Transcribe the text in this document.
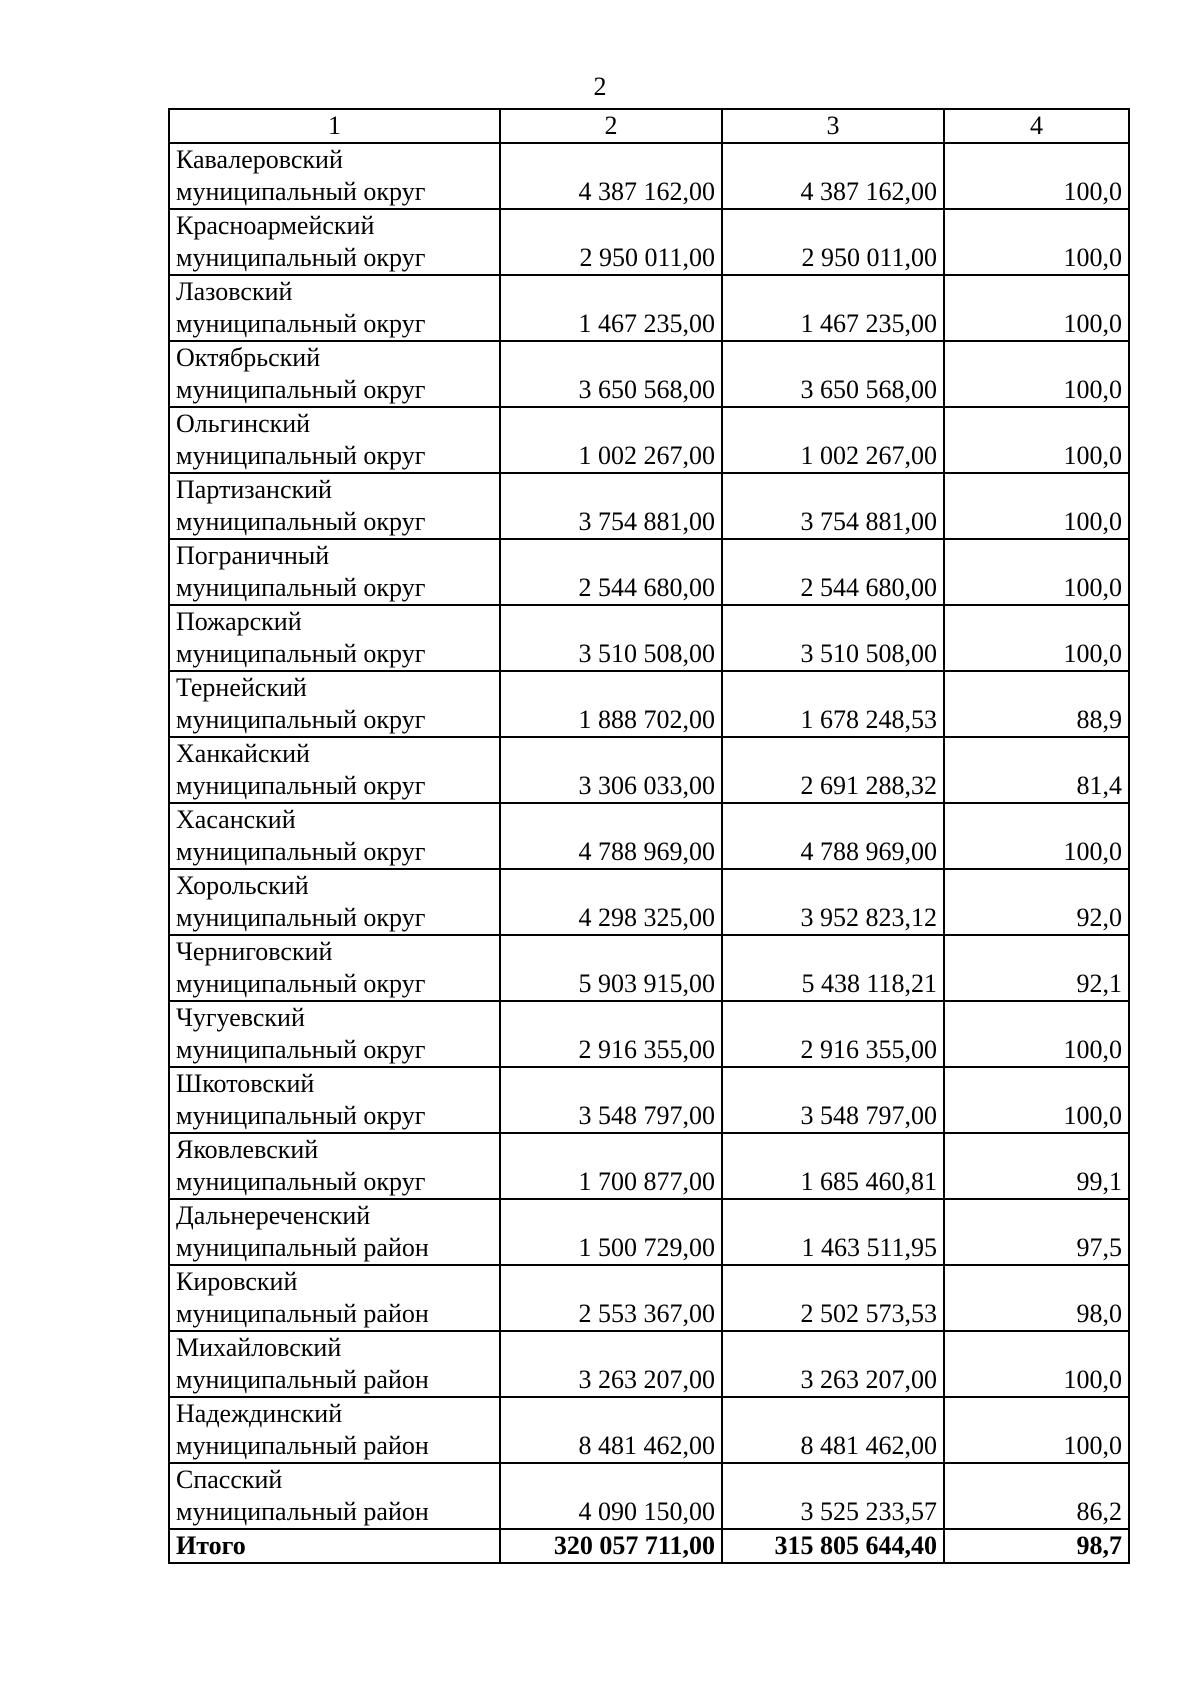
2
1	2	3	4

Кавалеровский
муниципальный округ	4 387 162,00	4 387 162,00	100,0

Красноармейский
муниципальный округ	2 950 011,00	2 950 011,00	100,0

Лазовский
муниципальный округ	1 467 235,00	1 467 235,00	100,0

Октябрьский
муниципальный округ	3 650 568,00	3 650 568,00	100,0

Ольгинский
муниципальный округ	1 002 267,00	1 002 267,00	100,0

Партизанский
муниципальный округ	3 754 881,00	3 754 881,00	100,0

Пограничный
муниципальный округ	2 544 680,00	2 544 680,00	100,0

Пожарский
муниципальный округ	3 510 508,00	3 510 508,00	100,0

Тернейский
муниципальный округ	1 888 702,00	1 678 248,53	88,9

Ханкайский
муниципальный округ	3 306 033,00	2 691 288,32	81,4

Хасанский
муниципальный округ	4 788 969,00	4 788 969,00	100,0

Хорольский
муниципальный округ	4 298 325,00	3 952 823,12	92,0

Черниговский
муниципальный округ	5 903 915,00	5 438 118,21	92,1

Чугуевский
муниципальный округ	2 916 355,00	2 916 355,00	100,0

Шкотовский
муниципальный округ	3 548 797,00	3 548 797,00	100,0

Яковлевский
муниципальный округ	1 700 877,00	1 685 460,81	99,1

Дальнереченский
муниципальный район	1 500 729,00	1 463 511,95	97,5

Кировский
муниципальный район	2 553 367,00	2 502 573,53	98,0

Михайловский
муниципальный район	3 263 207,00	3 263 207,00	100,0

Надеждинский
муниципальный район	8 481 462,00	8 481 462,00	100,0

Спасский
муниципальный район	4 090 150,00	3 525 233,57	86,2
Итого	320 057 711,00	315 805 644,40	98,7
